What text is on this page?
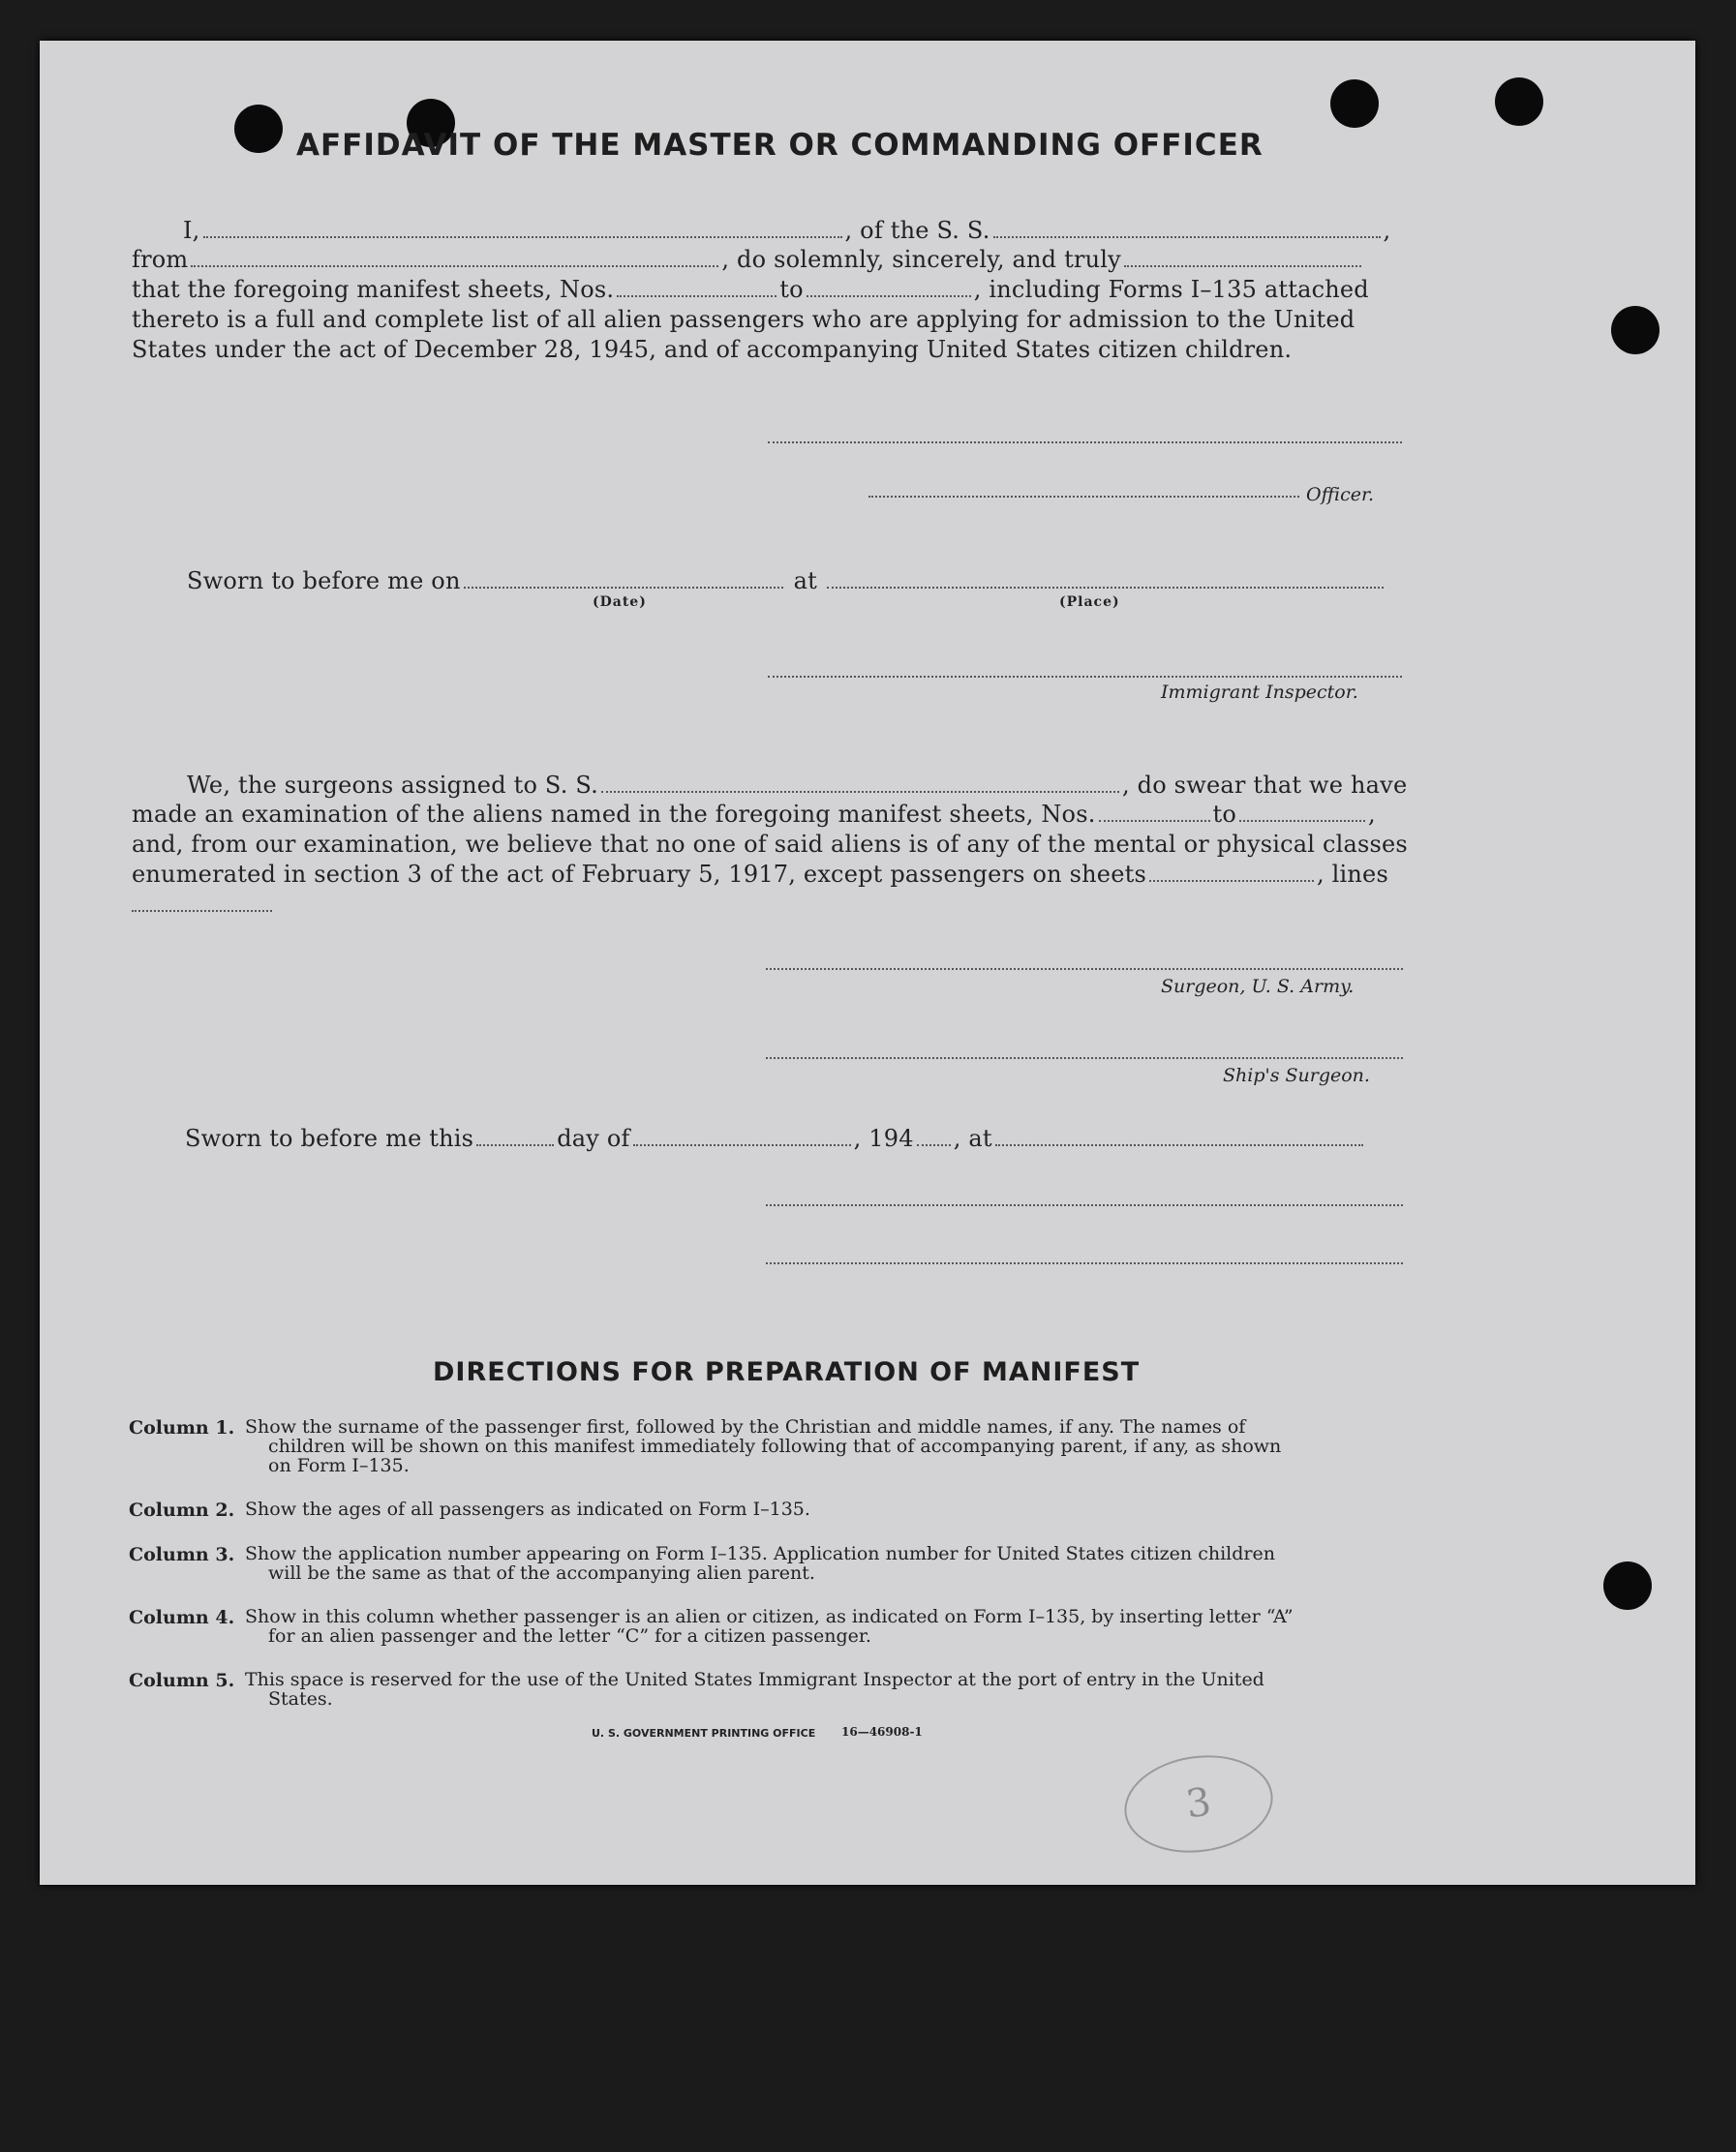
AFFIDAVIT OF THE MASTER OR COMMANDING OFFICER
I,	, of the S. S.	,
from	, do solemnly, sincerely, and truly
that the foregoing manifest sheets, Nos.	to	, including Forms I–135 attached
thereto is a full and complete list of all alien passengers who are applying for admission to the United
States under the act of December 28, 1945, and of accompanying United States citizen children.
Officer.
Sworn to before me on	at
(Date)	(Place)
Immigrant Inspector.
We, the surgeons assigned to S. S.	, do swear that we have
made an examination of the aliens named in the foregoing manifest sheets, Nos.	to	,
and, from our examination, we believe that no one of said aliens is of any of the mental or physical classes
enumerated in section 3 of the act of February 5, 1917, except passengers on sheets	, lines
Surgeon, U. S. Army.
Ship's Surgeon.
Sworn to before me this	day of	, 194 , at
DIRECTIONS FOR PREPARATION OF MANIFEST
Column 1. Show the surname of the passenger first, followed by the Christian and middle names, if any. The names of
children will be shown on this manifest immediately following that of accompanying parent, if any, as shown
on Form I–135.
Column 2. Show the ages of all passengers as indicated on Form I–135.
Column 3. Show the application number appearing on Form I–135. Application number for United States citizen children
will be the same as that of the accompanying alien parent.
Column 4. Show in this column whether passenger is an alien or citizen, as indicated on Form I–135, by inserting letter “A”
for an alien passenger and the letter “C” for a citizen passenger.
Column 5. This space is reserved for the use of the United States Immigrant Inspector at the port of entry in the United
States.
U. S. GOVERNMENT PRINTING OFFICE 16—46908-1
3
